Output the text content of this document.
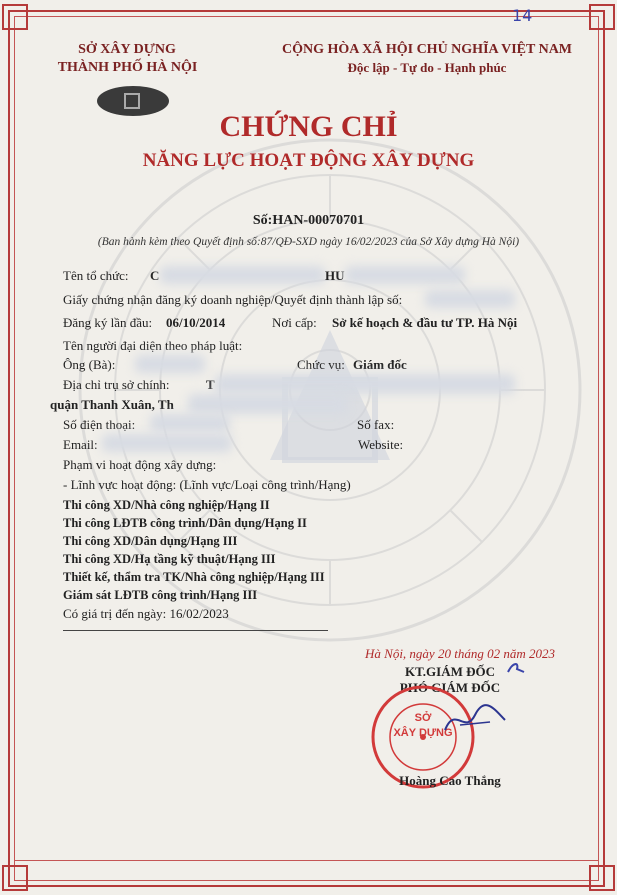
14
SỞ XÂY DỰNG
THÀNH PHỐ HÀ NỘI
CỘNG HÒA XÃ HỘI CHỦ NGHĨA VIỆT NAM
Độc lập - Tự do - Hạnh phúc
CHỨNG CHỈ
NĂNG LỰC HOẠT ĐỘNG XÂY DỰNG
Số:HAN-00070701
(Ban hành kèm theo Quyết định số:87/QĐ-SXD ngày 16/02/2023 của Sở Xây dựng Hà Nội)
Tên tổ chức: C	HU
Giấy chứng nhận đăng ký doanh nghiệp/Quyết định thành lập số:
Đăng ký lần đầu: 06/10/2014	Nơi cấp: Sở kế hoạch & đầu tư TP. Hà Nội
Tên người đại diện theo pháp luật:
Ông (Bà):	Chức vụ: Giám đốc
Địa chỉ trụ sở chính:	T
quận Thanh Xuân, Th
Số điện thoại:	Số fax:
Email:	Website:
Phạm vi hoạt động xây dựng:
- Lĩnh vực hoạt động: (Lĩnh vực/Loại công trình/Hạng)
Thi công XD/Nhà công nghiệp/Hạng II
Thi công LĐTB công trình/Dân dụng/Hạng II
Thi công XD/Dân dụng/Hạng III
Thi công XD/Hạ tầng kỹ thuật/Hạng III
Thiết kế, thẩm tra TK/Nhà công nghiệp/Hạng III
Giám sát LĐTB công trình/Hạng III
Có giá trị đến ngày: 16/02/2023
Hà Nội, ngày 20 tháng 02 năm 2023
KT.GIÁM ĐỐC
PHÓ GIÁM ĐỐC
SỞ
XÂY DỰNG
Hoàng Cao Thắng
